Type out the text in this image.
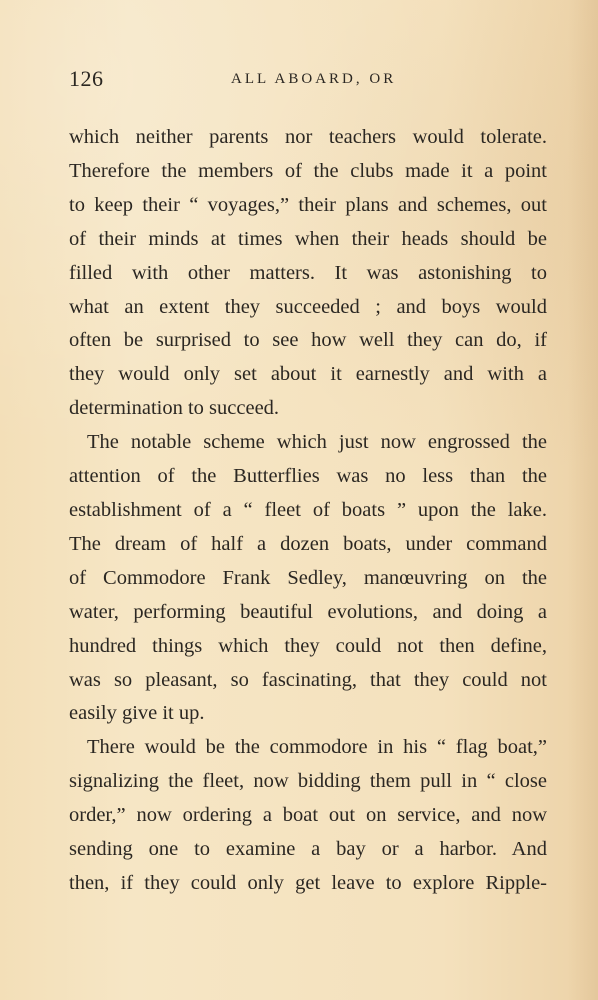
126	ALL ABOARD, OR
which neither parents nor teachers would tolerate.
Therefore the members of the clubs made it a point
to keep their “ voyages,” their plans and schemes, out
of their minds at times when their heads should be
filled with other matters. It was astonishing to
what an extent they succeeded ; and boys would
often be surprised to see how well they can do, if
they would only set about it earnestly and with a
determination to succeed.
The notable scheme which just now engrossed the
attention of the Butterflies was no less than the
establishment of a “ fleet of boats ” upon the lake.
The dream of half a dozen boats, under command
of Commodore Frank Sedley, manœuvring on the
water, performing beautiful evolutions, and doing a
hundred things which they could not then define,
was so pleasant, so fascinating, that they could not
easily give it up.
There would be the commodore in his “ flag boat,”
signalizing the fleet, now bidding them pull in “ close
order,” now ordering a boat out on service, and now
sending one to examine a bay or a harbor. And
then, if they could only get leave to explore Ripple-
